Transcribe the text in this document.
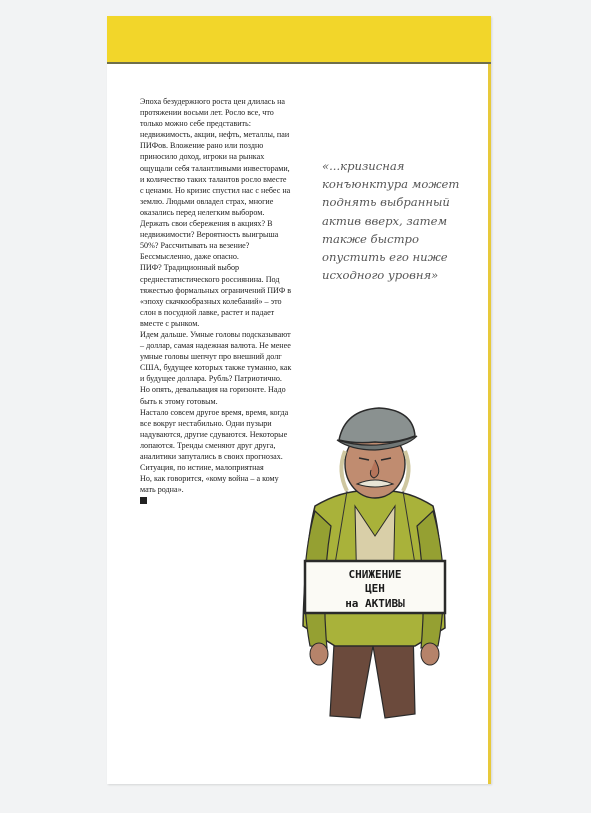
Эпоха безудержного роста цен длилась на протяжении восьми лет. Росло все, что только можно себе представить: недвижимость, акции, нефть, металлы, паи ПИФов. Вложение рано или поздно приносило доход, игроки на рынках ощущали себя талантливыми инвесторами, и количество таких талантов росло вместе с ценами. Но кризис спустил нас с небес на землю. Людьми овладел страх, многие оказались перед нелегким выбором.

Держать свои сбережения в акциях? В недвижимости? Вероятность выигрыша 50%? Рассчитывать на везение? Бессмысленно, даже опасно.

ПИФ? Традиционный выбор среднестатистического россиянина. Под тяжестью формальных ограничений ПИФ в «эпоху скачкообразных колебаний» – это слон в посудной лавке, растет и падает вместе с рынком.

Идем дальше. Умные головы подсказывают – доллар, самая надежная валюта. Не менее умные головы шепчут про внешний долг США, будущее которых также туманно, как и будущее доллара. Рубль? Патриотично. Но опять, девальвация на горизонте. Надо быть к этому готовым.

Настало совсем другое время, время, когда все вокруг нестабильно. Одни пузыри надуваются, другие сдуваются. Некоторые лопаются. Тренды сменяют друг друга, аналитики запутались в своих прогнозах. Ситуация, по истине, малоприятная

Но, как говорится, «кому война – а кому мать родна».

«...кризисная конъюнктура может поднять выбранный актив вверх, затем также быстро опустить его ниже исходного уровня»
СНИЖЕНИЕ
ЦЕН
на АКТИВЫ
